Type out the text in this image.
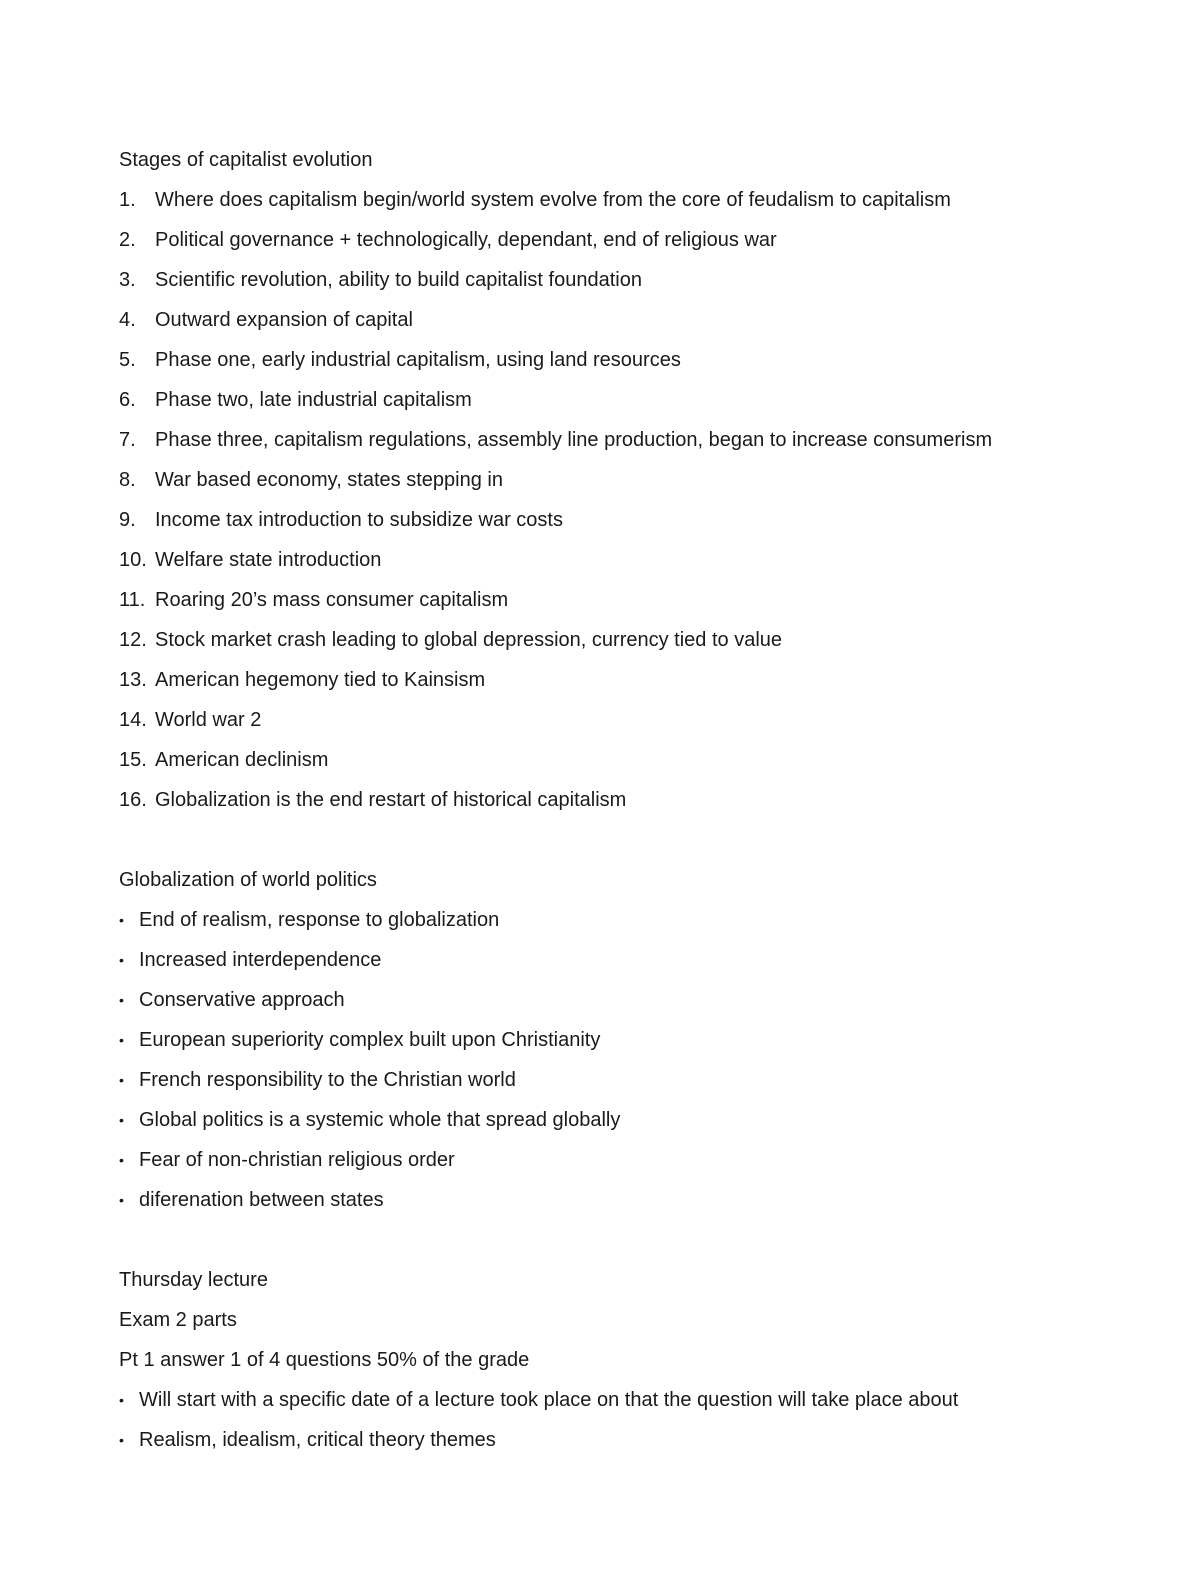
Stages of capitalist evolution
1. Where does capitalism begin/world system evolve from the core of feudalism to capitalism
2. Political governance + technologically, dependant, end of religious war
3. Scientific revolution, ability to build capitalist foundation
4. Outward expansion of capital
5. Phase one, early industrial capitalism, using land resources
6. Phase two, late industrial capitalism
7. Phase three, capitalism regulations, assembly line production, began to increase consumerism
8. War based economy, states stepping in
9. Income tax introduction to subsidize war costs
10. Welfare state introduction
11. Roaring 20’s mass consumer capitalism
12. Stock market crash leading to global depression, currency tied to value
13. American hegemony tied to Kainsism
14. World war 2
15. American declinism
16. Globalization is the end restart of historical capitalism
Globalization of world politics
• End of realism, response to globalization
• Increased interdependence
• Conservative approach
• European superiority complex built upon Christianity
• French responsibility to the Christian world
• Global politics is a systemic whole that spread globally
• Fear of non-christian religious order
• diferenation between states
Thursday lecture
Exam 2 parts
Pt 1 answer 1 of 4 questions 50% of the grade
• Will start with a specific date of a lecture took place on that the question will take place about
• Realism, idealism, critical theory themes
